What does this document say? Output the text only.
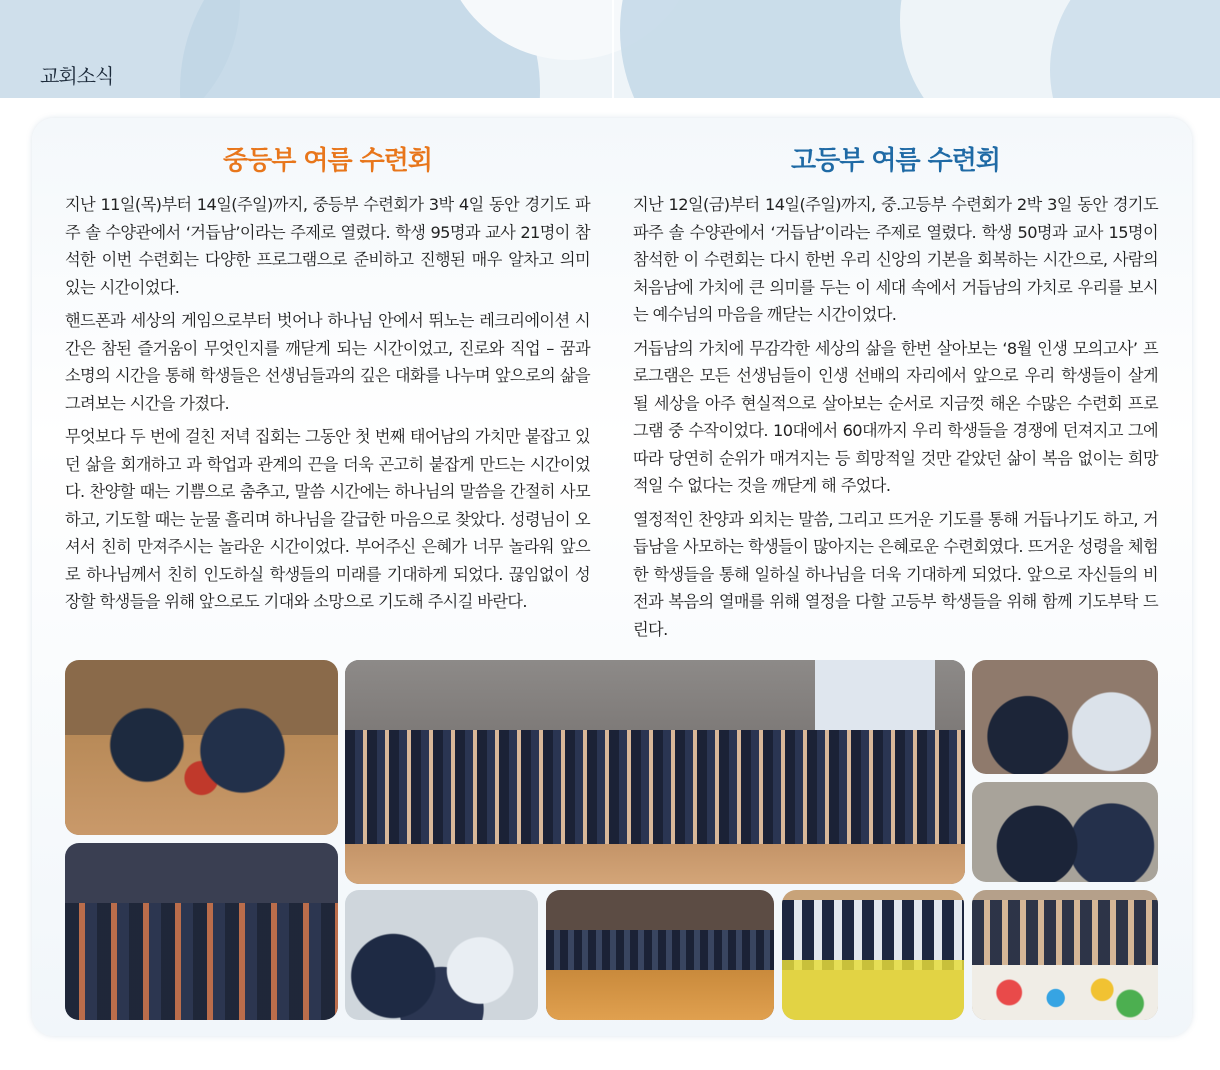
교회소식
중등부 여름 수련회

지난 11일(목)부터 14일(주일)까지, 중등부 수련회가 3박 4일 동안 경기도 파주 솔 수양관에서 ‘거듭남’이라는 주제로 열렸다. 학생 95명과 교사 21명이 참석한 이번 수련회는 다양한 프로그램으로 준비하고 진행된 매우 알차고 의미 있는 시간이었다.

핸드폰과 세상의 게임으로부터 벗어나 하나님 안에서 뛰노는 레크리에이션 시간은 참된 즐거움이 무엇인지를 깨닫게 되는 시간이었고, 진로와 직업 – 꿈과 소명의 시간을 통해 학생들은 선생님들과의 깊은 대화를 나누며 앞으로의 삶을 그려보는 시간을 가졌다.

무엇보다 두 번에 걸친 저녁 집회는 그동안 첫 번째 태어남의 가치만 붙잡고 있던 삶을 회개하고 과 학업과 관계의 끈을 더욱 곤고히 붙잡게 만드는 시간이었다. 찬양할 때는 기쁨으로 춤추고, 말씀 시간에는 하나님의 말씀을 간절히 사모하고, 기도할 때는 눈물 흘리며 하나님을 갈급한 마음으로 찾았다. 성령님이 오셔서 친히 만져주시는 놀라운 시간이었다. 부어주신 은혜가 너무 놀라워 앞으로 하나님께서 친히 인도하실 학생들의 미래를 기대하게 되었다. 끊임없이 성장할 학생들을 위해 앞으로도 기대와 소망으로 기도해 주시길 바란다.

고등부 여름 수련회

지난 12일(금)부터 14일(주일)까지, 중.고등부 수련회가 2박 3일 동안 경기도 파주 솔 수양관에서 ‘거듭남’이라는 주제로 열렸다. 학생 50명과 교사 15명이 참석한 이 수련회는 다시 한번 우리 신앙의 기본을 회복하는 시간으로, 사람의 처음남에 가치에 큰 의미를 두는 이 세대 속에서 거듭남의 가치로 우리를 보시는 예수님의 마음을 깨닫는 시간이었다.

거듭남의 가치에 무감각한 세상의 삶을 한번 살아보는 ‘8월 인생 모의고사’ 프로그램은 모든 선생님들이 인생 선배의 자리에서 앞으로 우리 학생들이 살게 될 세상을 아주 현실적으로 살아보는 순서로 지금껏 해온 수많은 수련회 프로그램 중 수작이었다. 10대에서 60대까지 우리 학생들을 경쟁에 던져지고 그에 따라 당연히 순위가 매겨지는 등 희망적일 것만 같았던 삶이 복음 없이는 희망적일 수 없다는 것을 깨닫게 해 주었다.

열정적인 찬양과 외치는 말씀, 그리고 뜨거운 기도를 통해 거듭나기도 하고, 거듭남을 사모하는 학생들이 많아지는 은혜로운 수련회였다. 뜨거운 성령을 체험한 학생들을 통해 일하실 하나님을 더욱 기대하게 되었다. 앞으로 자신들의 비전과 복음의 열매를 위해 열정을 다할 고등부 학생들을 위해 함께 기도부탁 드린다.
